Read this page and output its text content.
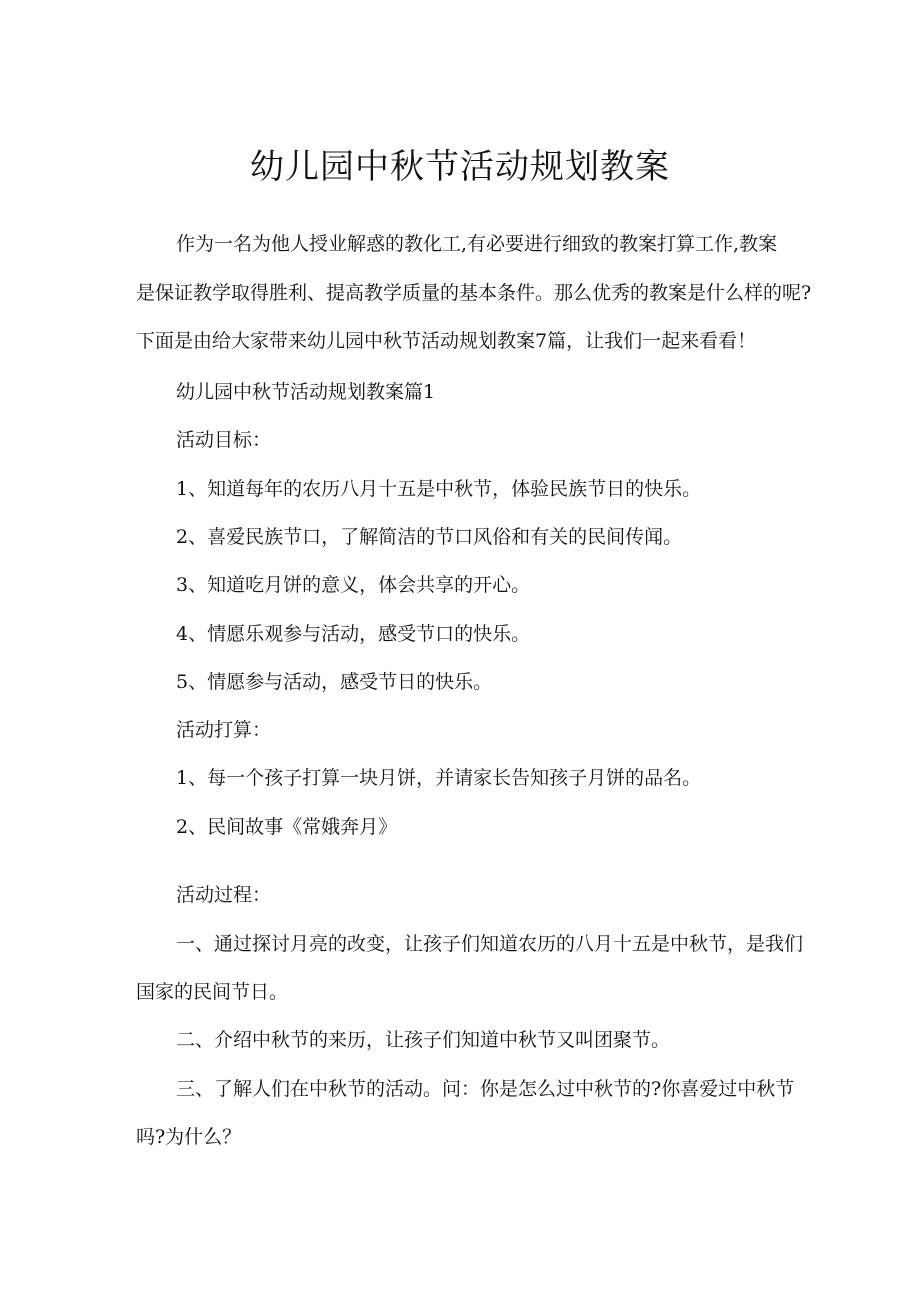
幼儿园中秋节活动规划教案

作为一名为他人授业解惑的教化工,有必要进行细致的教案打算工作,教案

是保证教学取得胜利、提高教学质量的基本条件。那么优秀的教案是什么样的呢?

下面是由给大家带来幼儿园中秋节活动规划教案7篇，让我们一起来看看！

幼儿园中秋节活动规划教案篇1

活动目标：

1、知道每年的农历八月十五是中秋节，体验民族节日的快乐。

2、喜爱民族节口，了解简洁的节口风俗和有关的民间传闻。

3、知道吃月饼的意义，体会共享的开心。

4、情愿乐观参与活动，感受节口的快乐。

5、情愿参与活动，感受节日的快乐。

活动打算：

1、每一个孩子打算一块月饼，并请家长告知孩子月饼的品名。

2、民间故事《常娥奔月》

活动过程：

一、通过探讨月亮的改变，让孩子们知道农历的八月十五是中秋节，是我们

国家的民间节日。

二、介绍中秋节的来历，让孩子们知道中秋节又叫团聚节。

三、了解人们在中秋节的活动。问：你是怎么过中秋节的?你喜爱过中秋节

吗?为什么？
